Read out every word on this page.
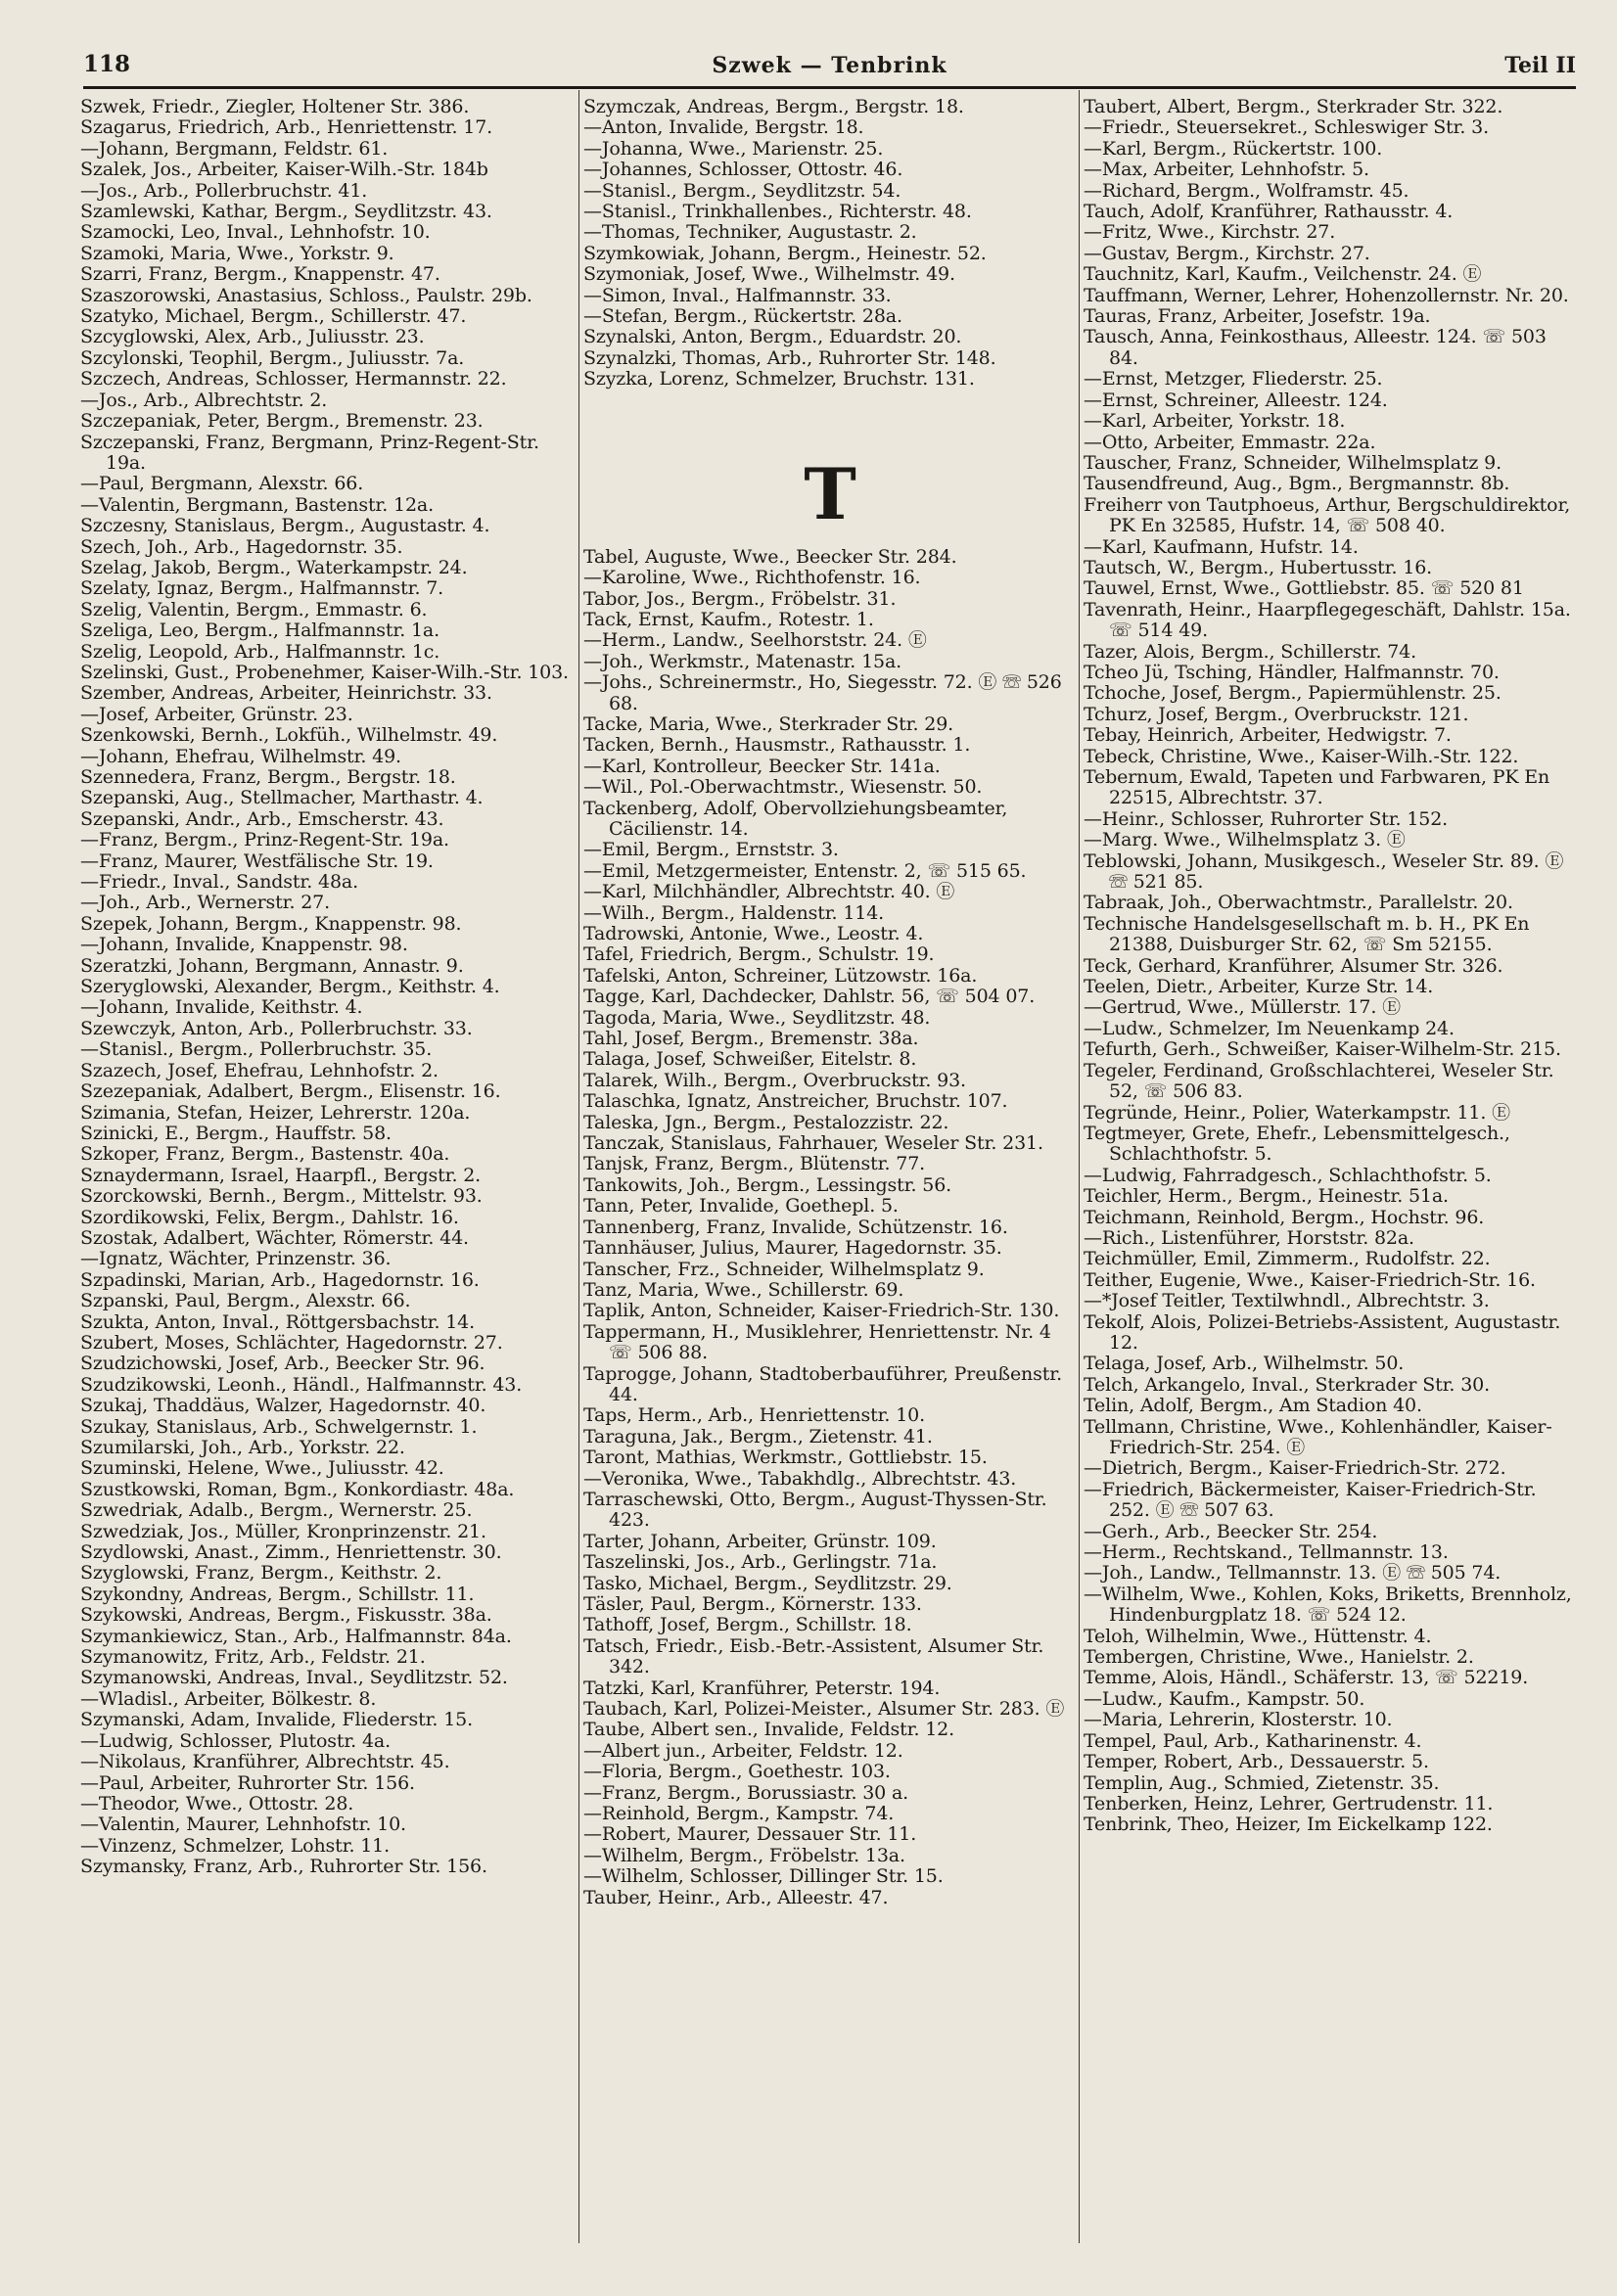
118	Szwek — Tenbrink	Teil II
Szwek, Friedr., Ziegler, Holtener Str. 386.
Szagarus, Friedrich, Arb., Henriettenstr. 17.
—Johann, Bergmann, Feldstr. 61.
Szalek, Jos., Arbeiter, Kaiser-Wilh.-Str. 184b
—Jos., Arb., Pollerbruchstr. 41.
Szamlewski, Kathar, Bergm., Seydlitzstr. 43.
Szamocki, Leo, Inval., Lehnhofstr. 10.
Szamoki, Maria, Wwe., Yorkstr. 9.
Szarri, Franz, Bergm., Knappenstr. 47.
Szaszorowski, Anastasius, Schloss., Paulstr. 29b.
Szatyko, Michael, Bergm., Schillerstr. 47.
Szcyglowski, Alex, Arb., Juliusstr. 23.
Szcylonski, Teophil, Bergm., Juliusstr. 7a.
Szczech, Andreas, Schlosser, Hermannstr. 22.
—Jos., Arb., Albrechtstr. 2.
Szczepaniak, Peter, Bergm., Bremenstr. 23.
Szczepanski, Franz, Bergmann, Prinz-Regent-Str. 19a.
—Paul, Bergmann, Alexstr. 66.
—Valentin, Bergmann, Bastenstr. 12a.
Szczesny, Stanislaus, Bergm., Augustastr. 4.
Szech, Joh., Arb., Hagedornstr. 35.
Szelag, Jakob, Bergm., Waterkampstr. 24.
Szelaty, Ignaz, Bergm., Halfmannstr. 7.
Szelig, Valentin, Bergm., Emmastr. 6.
Szeliga, Leo, Bergm., Halfmannstr. 1a.
Szelig, Leopold, Arb., Halfmannstr. 1c.
Szelinski, Gust., Probenehmer, Kaiser-Wilh.-Str. 103.
Szember, Andreas, Arbeiter, Heinrichstr. 33.
—Josef, Arbeiter, Grünstr. 23.
Szenkowski, Bernh., Lokfüh., Wilhelmstr. 49.
—Johann, Ehefrau, Wilhelmstr. 49.
Szennedera, Franz, Bergm., Bergstr. 18.
Szepanski, Aug., Stellmacher, Marthastr. 4.
Szepanski, Andr., Arb., Emscherstr. 43.
—Franz, Bergm., Prinz-Regent-Str. 19a.
—Franz, Maurer, Westfälische Str. 19.
—Friedr., Inval., Sandstr. 48a.
—Joh., Arb., Wernerstr. 27.
Szepek, Johann, Bergm., Knappenstr. 98.
—Johann, Invalide, Knappenstr. 98.
Szeratzki, Johann, Bergmann, Annastr. 9.
Szeryglowski, Alexander, Bergm., Keithstr. 4.
—Johann, Invalide, Keithstr. 4.
Szewczyk, Anton, Arb., Pollerbruchstr. 33.
—Stanisl., Bergm., Pollerbruchstr. 35.
Szazech, Josef, Ehefrau, Lehnhofstr. 2.
Szezepaniak, Adalbert, Bergm., Elisenstr. 16.
Szimania, Stefan, Heizer, Lehrerstr. 120a.
Szinicki, E., Bergm., Hauffstr. 58.
Szkoper, Franz, Bergm., Bastenstr. 40a.
Sznaydermann, Israel, Haarpfl., Bergstr. 2.
Szorckowski, Bernh., Bergm., Mittelstr. 93.
Szordikowski, Felix, Bergm., Dahlstr. 16.
Szostak, Adalbert, Wächter, Römerstr. 44.
—Ignatz, Wächter, Prinzenstr. 36.
Szpadinski, Marian, Arb., Hagedornstr. 16.
Szpanski, Paul, Bergm., Alexstr. 66.
Szukta, Anton, Inval., Röttgersbachstr. 14.
Szubert, Moses, Schlächter, Hagedornstr. 27.
Szudzichowski, Josef, Arb., Beecker Str. 96.
Szudzikowski, Leonh., Händl., Halfmannstr. 43.
Szukaj, Thaddäus, Walzer, Hagedornstr. 40.
Szukay, Stanislaus, Arb., Schwelgernstr. 1.
Szumilarski, Joh., Arb., Yorkstr. 22.
Szuminski, Helene, Wwe., Juliusstr. 42.
Szustkowski, Roman, Bgm., Konkordiastr. 48a.
Szwedriak, Adalb., Bergm., Wernerstr. 25.
Szwedziak, Jos., Müller, Kronprinzenstr. 21.
Szydlowski, Anast., Zimm., Henriettenstr. 30.
Szyglowski, Franz, Bergm., Keithstr. 2.
Szykondny, Andreas, Bergm., Schillstr. 11.
Szykowski, Andreas, Bergm., Fiskusstr. 38a.
Szymankiewicz, Stan., Arb., Halfmannstr. 84a.
Szymanowitz, Fritz, Arb., Feldstr. 21.
Szymanowski, Andreas, Inval., Seydlitzstr. 52.
—Wladisl., Arbeiter, Bölkestr. 8.
Szymanski, Adam, Invalide, Fliederstr. 15.
—Ludwig, Schlosser, Plutostr. 4a.
—Nikolaus, Kranführer, Albrechtstr. 45.
—Paul, Arbeiter, Ruhrorter Str. 156.
—Theodor, Wwe., Ottostr. 28.
—Valentin, Maurer, Lehnhofstr. 10.
—Vinzenz, Schmelzer, Lohstr. 11.
Szymansky, Franz, Arb., Ruhrorter Str. 156.
Szymczak, Andreas, Bergm., Bergstr. 18.
—Anton, Invalide, Bergstr. 18.
—Johanna, Wwe., Marienstr. 25.
—Johannes, Schlosser, Ottostr. 46.
—Stanisl., Bergm., Seydlitzstr. 54.
—Stanisl., Trinkhallenbes., Richterstr. 48.
—Thomas, Techniker, Augustastr. 2.
Szymkowiak, Johann, Bergm., Heinestr. 52.
Szymoniak, Josef, Wwe., Wilhelmstr. 49.
—Simon, Inval., Halfmannstr. 33.
—Stefan, Bergm., Rückertstr. 28a.
Szynalski, Anton, Bergm., Eduardstr. 20.
Szynalzki, Thomas, Arb., Ruhrorter Str. 148.
Szyzka, Lorenz, Schmelzer, Bruchstr. 131.
T
Tabel, Auguste, Wwe., Beecker Str. 284.
—Karoline, Wwe., Richthofenstr. 16.
Tabor, Jos., Bergm., Fröbelstr. 31.
Tack, Ernst, Kaufm., Rotestr. 1.
—Herm., Landw., Seelhorststr. 24. Ⓔ
—Joh., Werkmstr., Matenastr. 15a.
—Johs., Schreinermstr., Ho, Siegesstr. 72. Ⓔ ☏ 526 68.
Tacke, Maria, Wwe., Sterkrader Str. 29.
Tacken, Bernh., Hausmstr., Rathausstr. 1.
—Karl, Kontrolleur, Beecker Str. 141a.
—Wil., Pol.-Oberwachtmstr., Wiesenstr. 50.
Tackenberg, Adolf, Obervollziehungsbeamter, Cäcilienstr. 14.
—Emil, Bergm., Ernststr. 3.
—Emil, Metzgermeister, Entenstr. 2, ☏ 515 65.
—Karl, Milchhändler, Albrechtstr. 40. Ⓔ
—Wilh., Bergm., Haldenstr. 114.
Tadrowski, Antonie, Wwe., Leostr. 4.
Tafel, Friedrich, Bergm., Schulstr. 19.
Tafelski, Anton, Schreiner, Lützowstr. 16a.
Tagge, Karl, Dachdecker, Dahlstr. 56, ☏ 504 07.
Tagoda, Maria, Wwe., Seydlitzstr. 48.
Tahl, Josef, Bergm., Bremenstr. 38a.
Talaga, Josef, Schweißer, Eitelstr. 8.
Talarek, Wilh., Bergm., Overbruckstr. 93.
Talaschka, Ignatz, Anstreicher, Bruchstr. 107.
Taleska, Jgn., Bergm., Pestalozzistr. 22.
Tanczak, Stanislaus, Fahrhauer, Weseler Str. 231.
Tanjsk, Franz, Bergm., Blütenstr. 77.
Tankowits, Joh., Bergm., Lessingstr. 56.
Tann, Peter, Invalide, Goethepl. 5.
Tannenberg, Franz, Invalide, Schützenstr. 16.
Tannhäuser, Julius, Maurer, Hagedornstr. 35.
Tanscher, Frz., Schneider, Wilhelmsplatz 9.
Tanz, Maria, Wwe., Schillerstr. 69.
Taplik, Anton, Schneider, Kaiser-Friedrich-Str. 130.
Tappermann, H., Musiklehrer, Henriettenstr. Nr. 4 ☏ 506 88.
Taprogge, Johann, Stadtoberbauführer, Preußenstr. 44.
Taps, Herm., Arb., Henriettenstr. 10.
Taraguna, Jak., Bergm., Zietenstr. 41.
Taront, Mathias, Werkmstr., Gottliebstr. 15.
—Veronika, Wwe., Tabakhdlg., Albrechtstr. 43.
Tarraschewski, Otto, Bergm., August-Thyssen-Str. 423.
Tarter, Johann, Arbeiter, Grünstr. 109.
Taszelinski, Jos., Arb., Gerlingstr. 71a.
Tasko, Michael, Bergm., Seydlitzstr. 29.
Täsler, Paul, Bergm., Körnerstr. 133.
Tathoff, Josef, Bergm., Schillstr. 18.
Tatsch, Friedr., Eisb.-Betr.-Assistent, Alsumer Str. 342.
Tatzki, Karl, Kranführer, Peterstr. 194.
Taubach, Karl, Polizei-Meister., Alsumer Str. 283. Ⓔ
Taube, Albert sen., Invalide, Feldstr. 12.
—Albert jun., Arbeiter, Feldstr. 12.
—Floria, Bergm., Goethestr. 103.
—Franz, Bergm., Borussiastr. 30 a.
—Reinhold, Bergm., Kampstr. 74.
—Robert, Maurer, Dessauer Str. 11.
—Wilhelm, Bergm., Fröbelstr. 13a.
—Wilhelm, Schlosser, Dillinger Str. 15.
Tauber, Heinr., Arb., Alleestr. 47.
Taubert, Albert, Bergm., Sterkrader Str. 322.
—Friedr., Steuersekret., Schleswiger Str. 3.
—Karl, Bergm., Rückertstr. 100.
—Max, Arbeiter, Lehnhofstr. 5.
—Richard, Bergm., Wolframstr. 45.
Tauch, Adolf, Kranführer, Rathausstr. 4.
—Fritz, Wwe., Kirchstr. 27.
—Gustav, Bergm., Kirchstr. 27.
Tauchnitz, Karl, Kaufm., Veilchenstr. 24. Ⓔ
Tauffmann, Werner, Lehrer, Hohenzollernstr. Nr. 20.
Tauras, Franz, Arbeiter, Josefstr. 19a.
Tausch, Anna, Feinkosthaus, Alleestr. 124. ☏ 503 84.
—Ernst, Metzger, Fliederstr. 25.
—Ernst, Schreiner, Alleestr. 124.
—Karl, Arbeiter, Yorkstr. 18.
—Otto, Arbeiter, Emmastr. 22a.
Tauscher, Franz, Schneider, Wilhelmsplatz 9.
Tausendfreund, Aug., Bgm., Bergmannstr. 8b.
Freiherr von Tautphoeus, Arthur, Bergschuldirektor, PK En 32585, Hufstr. 14, ☏ 508 40.
—Karl, Kaufmann, Hufstr. 14.
Tautsch, W., Bergm., Hubertusstr. 16.
Tauwel, Ernst, Wwe., Gottliebstr. 85. ☏ 520 81
Tavenrath, Heinr., Haarpflegegeschäft, Dahlstr. 15a. ☏ 514 49.
Tazer, Alois, Bergm., Schillerstr. 74.
Tcheo Jü, Tsching, Händler, Halfmannstr. 70.
Tchoche, Josef, Bergm., Papiermühlenstr. 25.
Tchurz, Josef, Bergm., Overbruckstr. 121.
Tebay, Heinrich, Arbeiter, Hedwigstr. 7.
Tebeck, Christine, Wwe., Kaiser-Wilh.-Str. 122.
Tebernum, Ewald, Tapeten und Farbwaren, PK En 22515, Albrechtstr. 37.
—Heinr., Schlosser, Ruhrorter Str. 152.
—Marg. Wwe., Wilhelmsplatz 3. Ⓔ
Teblowski, Johann, Musikgesch., Weseler Str. 89. Ⓔ ☏ 521 85.
Tabraak, Joh., Oberwachtmstr., Parallelstr. 20.
Technische Handelsgesellschaft m. b. H., PK En 21388, Duisburger Str. 62, ☏ Sm 52155.
Teck, Gerhard, Kranführer, Alsumer Str. 326.
Teelen, Dietr., Arbeiter, Kurze Str. 14.
—Gertrud, Wwe., Müllerstr. 17. Ⓔ
—Ludw., Schmelzer, Im Neuenkamp 24.
Tefurth, Gerh., Schweißer, Kaiser-Wilhelm-Str. 215.
Tegeler, Ferdinand, Großschlachterei, Weseler Str. 52, ☏ 506 83.
Tegründe, Heinr., Polier, Waterkampstr. 11. Ⓔ
Tegtmeyer, Grete, Ehefr., Lebensmittelgesch., Schlachthofstr. 5.
—Ludwig, Fahrradgesch., Schlachthofstr. 5.
Teichler, Herm., Bergm., Heinestr. 51a.
Teichmann, Reinhold, Bergm., Hochstr. 96.
—Rich., Listenführer, Horststr. 82a.
Teichmüller, Emil, Zimmerm., Rudolfstr. 22.
Teither, Eugenie, Wwe., Kaiser-Friedrich-Str. 16.
—*Josef Teitler, Textilwhndl., Albrechtstr. 3.
Tekolf, Alois, Polizei-Betriebs-Assistent, Augustastr. 12.
Telaga, Josef, Arb., Wilhelmstr. 50.
Telch, Arkangelo, Inval., Sterkrader Str. 30.
Telin, Adolf, Bergm., Am Stadion 40.
Tellmann, Christine, Wwe., Kohlenhändler, Kaiser-Friedrich-Str. 254. Ⓔ
—Dietrich, Bergm., Kaiser-Friedrich-Str. 272.
—Friedrich, Bäckermeister, Kaiser-Friedrich-Str. 252. Ⓔ ☏ 507 63.
—Gerh., Arb., Beecker Str. 254.
—Herm., Rechtskand., Tellmannstr. 13.
—Joh., Landw., Tellmannstr. 13. Ⓔ ☏ 505 74.
—Wilhelm, Wwe., Kohlen, Koks, Briketts, Brennholz, Hindenburgplatz 18. ☏ 524 12.
Teloh, Wilhelmin, Wwe., Hüttenstr. 4.
Tembergen, Christine, Wwe., Hanielstr. 2.
Temme, Alois, Händl., Schäferstr. 13, ☏ 52219.
—Ludw., Kaufm., Kampstr. 50.
—Maria, Lehrerin, Klosterstr. 10.
Tempel, Paul, Arb., Katharinenstr. 4.
Temper, Robert, Arb., Dessauerstr. 5.
Templin, Aug., Schmied, Zietenstr. 35.
Tenberken, Heinz, Lehrer, Gertrudenstr. 11.
Tenbrink, Theo, Heizer, Im Eickelkamp 122.
